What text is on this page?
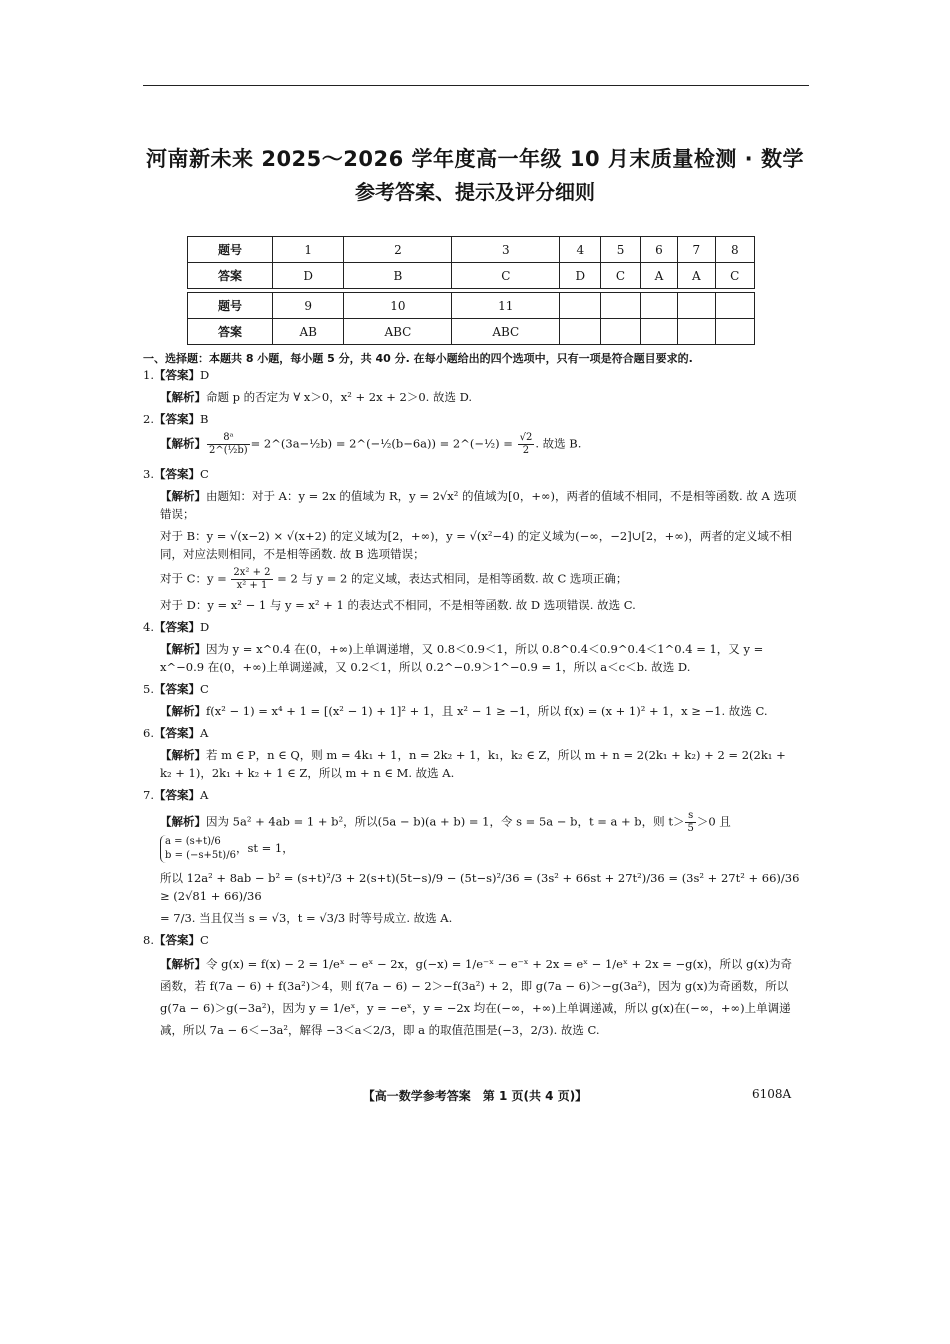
河南新未来 2025～2026 学年度高一年级 10 月末质量检测 · 数学
参考答案、提示及评分细则
题号	1	2	3	4	5	6	7	8
答案	D	B	C	D	C	A	A	C

题号	9	10	11					
答案	AB	ABC	ABC					
一、选择题：本题共 8 小题，每小题 5 分，共 40 分. 在每小题给出的四个选项中，只有一项是符合题目要求的.

1.【答案】D

【解析】命题 p 的否定为 ∀ x＞0，x² + 2x + 2＞0. 故选 D.

2.【答案】B

【解析】 $\frac{\text{8ᵃ}}{\text{2\textasciicircum{}(½b)}}$ = 2^(3a−½b) = 2^(−½(b−6a)) = 2^(−½) = $\frac{√2}{2}$ . 故选 B.

3.【答案】C

【解析】由题知：对于 A：y = 2x 的值域为 R，y = 2√x² 的值域为[0，+∞)，两者的值域不相同，不是相等函数. 故 A 选项错误；

对于 B：y = √(x−2) × √(x+2) 的定义域为[2，+∞)，y = √(x²−4) 的定义域为(−∞，−2]∪[2，+∞)，两者的定义域不相同，对应法则相同，不是相等函数. 故 B 选项错误；

对于 C：$y = \frac{\text{2x² + 2}}{\text{x² + 1}} = 2$ 与 y = 2 的定义域，表达式相同，是相等函数. 故 C 选项正确；

对于 D：y = x² − 1 与 y = x² + 1 的表达式不相同，不是相等函数. 故 D 选项错误. 故选 C.

4.【答案】D

【解析】因为 y = x^0.4 在(0，+∞)上单调递增，又 0.8＜0.9＜1，所以 0.8^0.4＜0.9^0.4＜1^0.4 = 1，又 y = x^−0.9 在(0，+∞)上单调递减，又 0.2＜1，所以 0.2^−0.9＞1^−0.9 = 1，所以 a＜c＜b. 故选 D.

5.【答案】C

【解析】f(x² − 1) = x⁴ + 1 = [(x² − 1) + 1]² + 1，且 x² − 1 ≥ −1，所以 f(x) = (x + 1)² + 1，x ≥ −1. 故选 C.

6.【答案】A

【解析】若 m ∈ P，n ∈ Q，则 m = 4k₁ + 1，n = 2k₂ + 1，k₁，k₂ ∈ Z，所以 m + n = 2(2k₁ + k₂) + 2 = 2(2k₁ + k₂ + 1)，2k₁ + k₂ + 1 ∈ Z，所以 m + n ∈ M. 故选 A.

7.【答案】A

【解析】因为 5a² + 4ab = 1 + b²，所以(5a − b)(a + b) = 1，令 s = 5a − b，t = a + b，则 $t> \frac{s}{5} >0$ 且
a = (s+t)/6
b = (−s+5t)/6
，st = 1，

所以 12a² + 8ab − b² = (s+t)²/3 + 2(s+t)(5t−s)/9 − (5t−s)²/36 = (3s² + 66st + 27t²)/36 = (3s² + 27t² + 66)/36 ≥ (2√81 + 66)/36

= 7/3. 当且仅当 s = √3，t = √3/3 时等号成立. 故选 A.

8.【答案】C

【解析】令 g(x) = f(x) − 2 = 1/eˣ − eˣ − 2x，g(−x) = 1/e⁻ˣ − e⁻ˣ + 2x = eˣ − 1/eˣ + 2x = −g(x)，所以 g(x)为奇函数，若 f(7a − 6) + f(3a²)＞4，则 f(7a − 6) − 2＞−f(3a²) + 2，即 g(7a − 6)＞−g(3a²)，因为 g(x)为奇函数，所以 g(7a − 6)＞g(−3a²)，因为 y = 1/eˣ，y = −eˣ，y = −2x 均在(−∞，+∞)上单调递减，所以 g(x)在(−∞，+∞)上单调递减，所以 7a − 6＜−3a²，解得 −3＜a＜2/3，即 a 的取值范围是(−3，2/3). 故选 C.

【高一数学参考答案　第 1 页(共 4 页)】	6108A
